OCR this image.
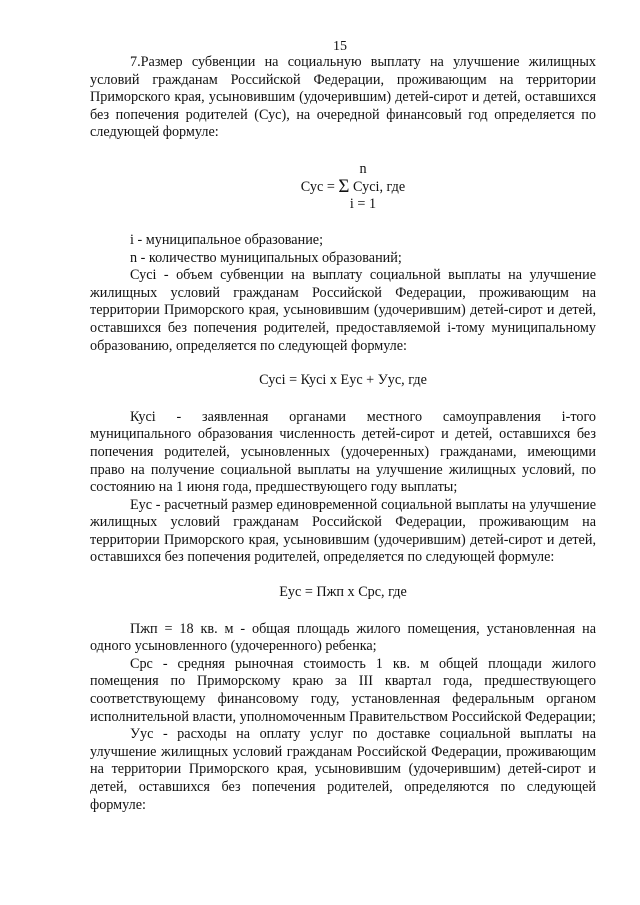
15

7.Размер субвенции на социальную выплату на улучшение жилищных условий гражданам Российской Федерации, проживающим на территории Приморского края, усыновившим (удочерившим) детей-сирот и детей, оставшихся без попечения родителей (Сус), на очередной финансовый год определяется по следующей формуле:

n
Сус = Σ Сусi, где
i = 1

i - муниципальное образование;

n - количество муниципальных образований;

Сусi - объем субвенции на выплату социальной выплаты на улучшение жилищных условий гражданам Российской Федерации, проживающим на территории Приморского края, усыновившим (удочерившим) детей-сирот и детей, оставшихся без попечения родителей, предоставляемой i-тому муниципальному образованию, определяется по следующей формуле:

Сусi = Кусi х Еус + Уус, где

Кусi - заявленная органами местного самоуправления i-того муниципального образования численность детей-сирот и детей, оставшихся без попечения родителей, усыновленных (удочеренных) гражданами, имеющими право на получение социальной выплаты на улучшение жилищных условий, по состоянию на 1 июня года, предшествующего году выплаты;

Еус - расчетный размер единовременной социальной выплаты на улучшение жилищных условий гражданам Российской Федерации, проживающим на территории Приморского края, усыновившим (удочерившим) детей-сирот и детей, оставшихся без попечения родителей, определяется по следующей формуле:

Еус = Пжп х Срс, где

Пжп = 18 кв. м - общая площадь жилого помещения, установленная на одного усыновленного (удочеренного) ребенка;

Срс - средняя рыночная стоимость 1 кв. м общей площади жилого помещения по Приморскому краю за III квартал года, предшествующего соответствующему финансовому году, установленная федеральным органом исполнительной власти, уполномоченным Правительством Российской Федерации;

Уус - расходы на оплату услуг по доставке социальной выплаты на улучшение жилищных условий гражданам Российской Федерации, проживающим на территории Приморского края, усыновившим (удочерившим) детей-сирот и детей, оставшихся без попечения родителей, определяются по следующей формуле:
